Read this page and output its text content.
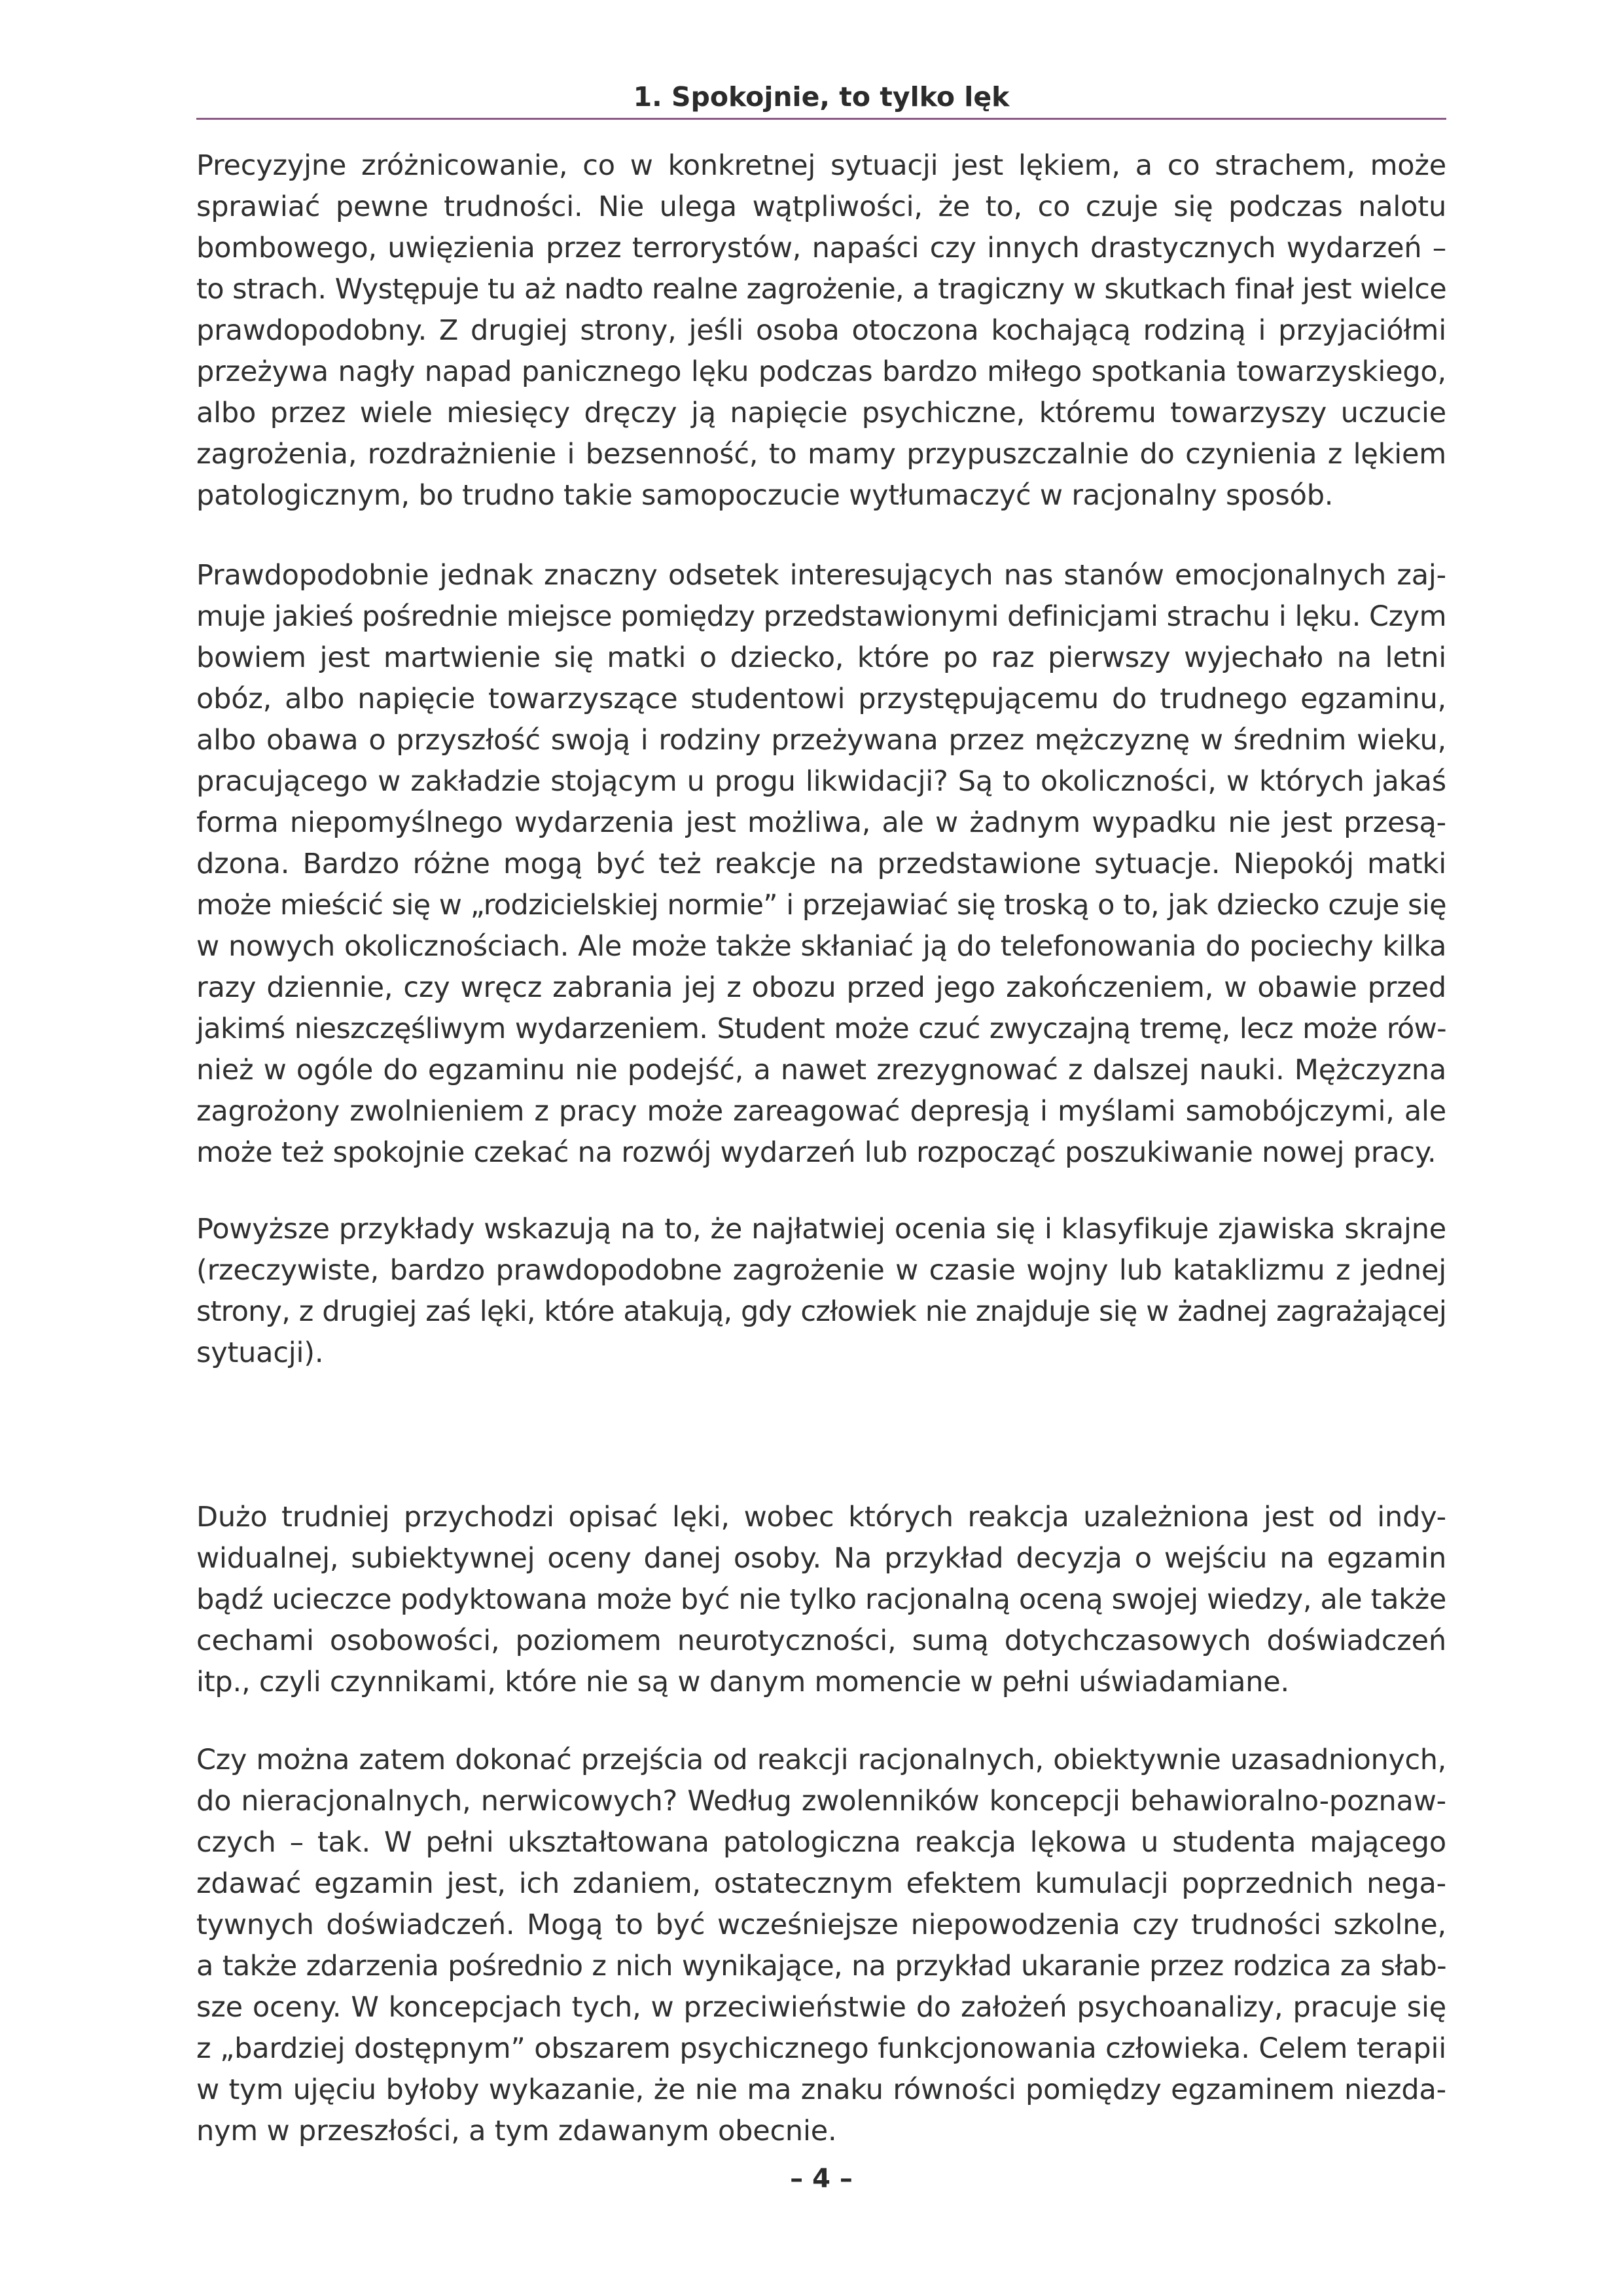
1. Spokojnie, to tylko lęk
Precyzyjne zróżnicowanie, co w konkretnej sytuacji jest lękiem, a co strachem, może
sprawiać pewne trudności. Nie ulega wątpliwości, że to, co czuje się podczas nalotu
bombowego, uwięzienia przez terrorystów, napaści czy innych drastycznych wydarzeń –
to strach. Występuje tu aż nadto realne zagrożenie, a tragiczny w skutkach finał jest wielce
prawdopodobny. Z drugiej strony, jeśli osoba otoczona kochającą rodziną i przyjaciółmi
przeżywa nagły napad panicznego lęku podczas bardzo miłego spotkania towarzyskiego,
albo przez wiele miesięcy dręczy ją napięcie psychiczne, któremu towarzyszy uczucie
zagrożenia, rozdrażnienie i bezsenność, to mamy przypuszczalnie do czynienia z lękiem
patologicznym, bo trudno takie samopoczucie wytłumaczyć w racjonalny sposób.
Prawdopodobnie jednak znaczny odsetek interesujących nas stanów emocjonalnych zaj-
muje jakieś pośrednie miejsce pomiędzy przedstawionymi definicjami strachu i lęku. Czym
bowiem jest martwienie się matki o dziecko, które po raz pierwszy wyjechało na letni
obóz, albo napięcie towarzyszące studentowi przystępującemu do trudnego egzaminu,
albo obawa o przyszłość swoją i rodziny przeżywana przez mężczyznę w średnim wieku,
pracującego w zakładzie stojącym u progu likwidacji? Są to okoliczności, w których jakaś
forma niepomyślnego wydarzenia jest możliwa, ale w żadnym wypadku nie jest przesą-
dzona. Bardzo różne mogą być też reakcje na przedstawione sytuacje. Niepokój matki
może mieścić się w „rodzicielskiej normie” i przejawiać się troską o to, jak dziecko czuje się
w nowych okolicznościach. Ale może także skłaniać ją do telefonowania do pociechy kilka
razy dziennie, czy wręcz zabrania jej z obozu przed jego zakończeniem, w obawie przed
jakimś nieszczęśliwym wydarzeniem. Student może czuć zwyczajną tremę, lecz może rów-
nież w ogóle do egzaminu nie podejść, a nawet zrezygnować z dalszej nauki. Mężczyzna
zagrożony zwolnieniem z pracy może zareagować depresją i myślami samobójczymi, ale
może też spokojnie czekać na rozwój wydarzeń lub rozpocząć poszukiwanie nowej pracy.
Powyższe przykłady wskazują na to, że najłatwiej ocenia się i klasyfikuje zjawiska skrajne
(rzeczywiste, bardzo prawdopodobne zagrożenie w czasie wojny lub kataklizmu z jednej
strony, z drugiej zaś lęki, które atakują, gdy człowiek nie znajduje się w żadnej zagrażającej
sytuacji).
Dużo trudniej przychodzi opisać lęki, wobec których reakcja uzależniona jest od indy-
widualnej, subiektywnej oceny danej osoby. Na przykład decyzja o wejściu na egzamin
bądź ucieczce podyktowana może być nie tylko racjonalną oceną swojej wiedzy, ale także
cechami osobowości, poziomem neurotyczności, sumą dotychczasowych doświadczeń
itp., czyli czynnikami, które nie są w danym momencie w pełni uświadamiane.
Czy można zatem dokonać przejścia od reakcji racjonalnych, obiektywnie uzasadnionych,
do nieracjonalnych, nerwicowych? Według zwolenników koncepcji behawioralno-poznaw-
czych – tak. W pełni ukształtowana patologiczna reakcja lękowa u studenta mającego
zdawać egzamin jest, ich zdaniem, ostatecznym efektem kumulacji poprzednich nega-
tywnych doświadczeń. Mogą to być wcześniejsze niepowodzenia czy trudności szkolne,
a także zdarzenia pośrednio z nich wynikające, na przykład ukaranie przez rodzica za słab-
sze oceny. W koncepcjach tych, w przeciwieństwie do założeń psychoanalizy, pracuje się
z „bardziej dostępnym” obszarem psychicznego funkcjonowania człowieka. Celem terapii
w tym ujęciu byłoby wykazanie, że nie ma znaku równości pomiędzy egzaminem niezda-
nym w przeszłości, a tym zdawanym obecnie.
– 4 –
